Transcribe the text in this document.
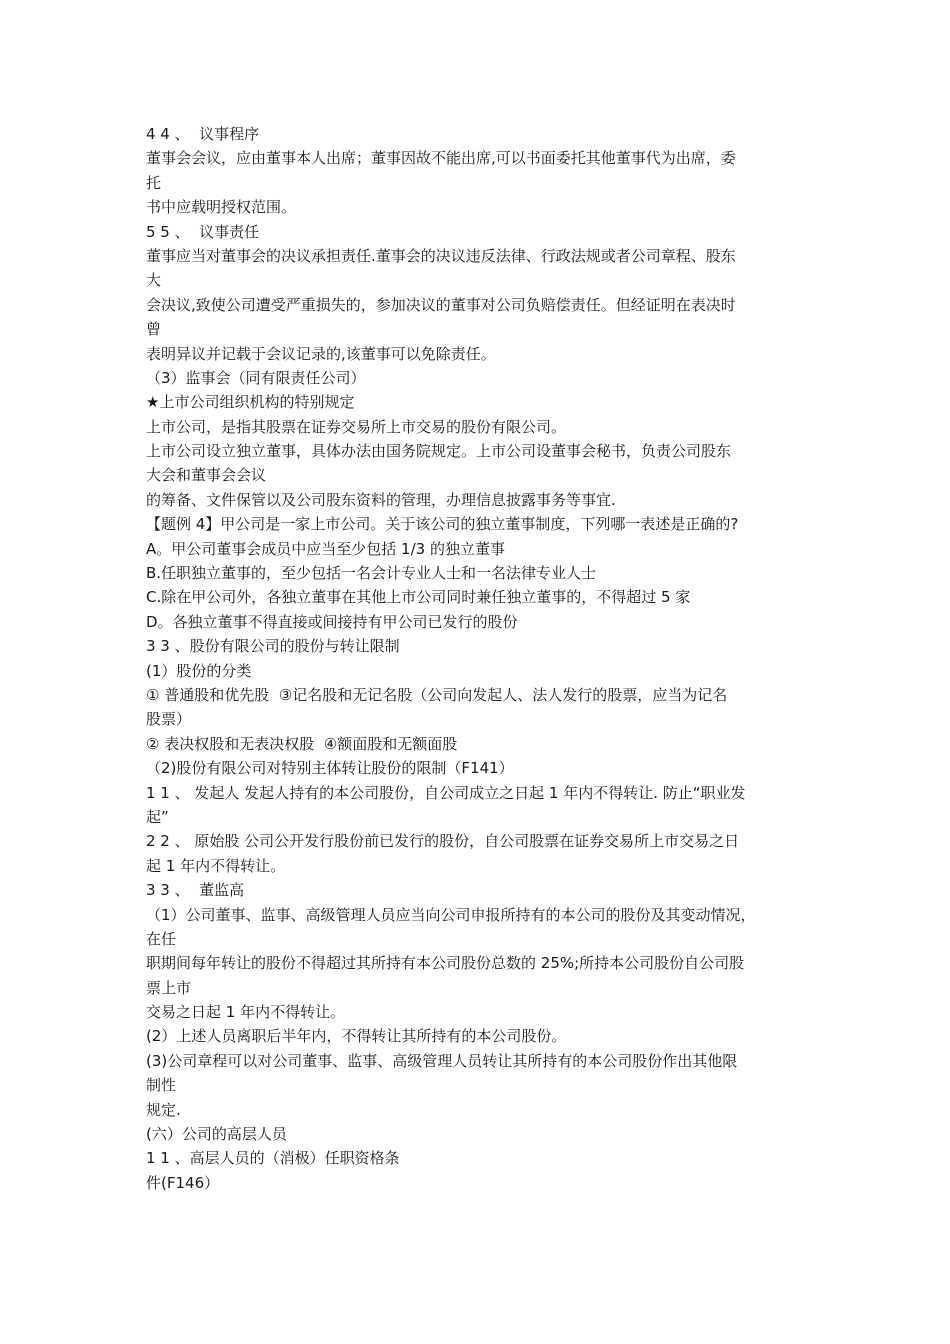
4 4 、  议事程序
董事会会议，应由董事本人出席；董事因故不能出席,可以书面委托其他董事代为出席，委
托
书中应载明授权范围。
5 5 、  议事责任
董事应当对董事会的决议承担责任.董事会的决议违反法律、行政法规或者公司章程、股东
大
会决议,致使公司遭受严重损失的，参加决议的董事对公司负赔偿责任。但经证明在表决时
曾
表明异议并记载于会议记录的,该董事可以免除责任。
（3）监事会（同有限责任公司）
★上市公司组织机构的特别规定
上市公司，是指其股票在证券交易所上市交易的股份有限公司。
上市公司设立独立董事，具体办法由国务院规定。上市公司设董事会秘书，负责公司股东
大会和董事会会议
的筹备、文件保管以及公司股东资料的管理，办理信息披露事务等事宜.
【题例 4】甲公司是一家上市公司。关于该公司的独立董事制度，下列哪一表述是正确的?
A。甲公司董事会成员中应当至少包括 1/3 的独立董事
B.任职独立董事的，至少包括一名会计专业人士和一名法律专业人士
C.除在甲公司外，各独立董事在其他上市公司同时兼任独立董事的，不得超过 5 家
D。各独立董事不得直接或间接持有甲公司已发行的股份
3 3 、股份有限公司的股份与转让限制
(1）股份的分类
① 普通股和优先股  ③记名股和无记名股（公司向发起人、法人发行的股票，应当为记名
股票）
② 表决权股和无表决权股  ④额面股和无额面股
（2)股份有限公司对特别主体转让股份的限制（F141）
1 1 、 发起人 发起人持有的本公司股份，自公司成立之日起 1 年内不得转让. 防止“职业发
起”
2 2 、 原始股 公司公开发行股份前已发行的股份，自公司股票在证券交易所上市交易之日
起 1 年内不得转让。
3 3 、  董监高
（1）公司董事、监事、高级管理人员应当向公司申报所持有的本公司的股份及其变动情况，
在任
职期间每年转让的股份不得超过其所持有本公司股份总数的 25%;所持本公司股份自公司股
票上市
交易之日起 1 年内不得转让。
(2）上述人员离职后半年内，不得转让其所持有的本公司股份。
(3)公司章程可以对公司董事、监事、高级管理人员转让其所持有的本公司股份作出其他限
制性
规定.
(六）公司的高层人员
1 1 、高层人员的（消极）任职资格条
件(F146）
